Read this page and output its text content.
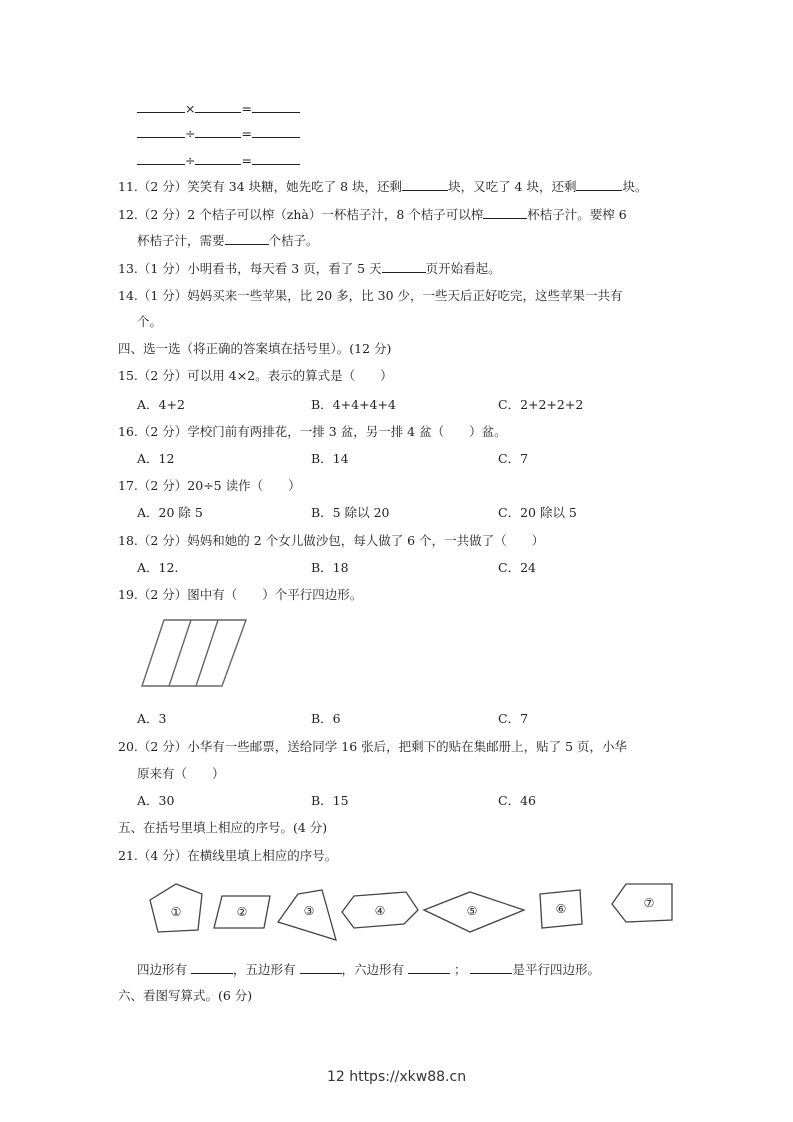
×	=
÷	=
÷	=
11.（2 分）笑笑有 34 块糖，她先吃了 8 块，还剩	块，又吃了 4 块，还剩	块。
12.（2 分）2 个桔子可以榨（zhà）一杯桔子汁，8 个桔子可以榨	杯桔子汁。要榨 6
杯桔子汁，需要	个桔子。
13.（1 分）小明看书，每天看 3 页，看了 5 天	页开始看起。
14.（1 分）妈妈买来一些苹果，比 20 多，比 30 少，一些天后正好吃完，这些苹果一共有
个。
四、选一选（将正确的答案填在括号里）。(12 分)
15.（2 分）可以用 4×2。表示的算式是（　　）
A．4+2	B．4+4+4+4	C．2+2+2+2
16.（2 分）学校门前有两排花，一排 3 盆，另一排 4 盆（　　）盆。
A．12	B．14	C．7
17.（2 分）20÷5 读作（　　）
A．20 除 5	B．5 除以 20	C．20 除以 5
18.（2 分）妈妈和她的 2 个女儿做沙包，每人做了 6 个，一共做了（　　）
A．12.	B．18	C．24
19.（2 分）图中有（　　）个平行四边形。
A．3	B．6	C．7
20.（2 分）小华有一些邮票，送给同学 16 张后，把剩下的贴在集邮册上，贴了 5 页，小华
原来有（　　）
A．30	B．15	C．46
五、在括号里填上相应的序号。(4 分)
21.（4 分）在横线里填上相应的序号。
①	②	③	④	⑤	⑥	⑦
四边形有	，五边形有	，六边形有	；	是平行四边形。
六、看图写算式。(6 分)
12 https://xkw88.cn
